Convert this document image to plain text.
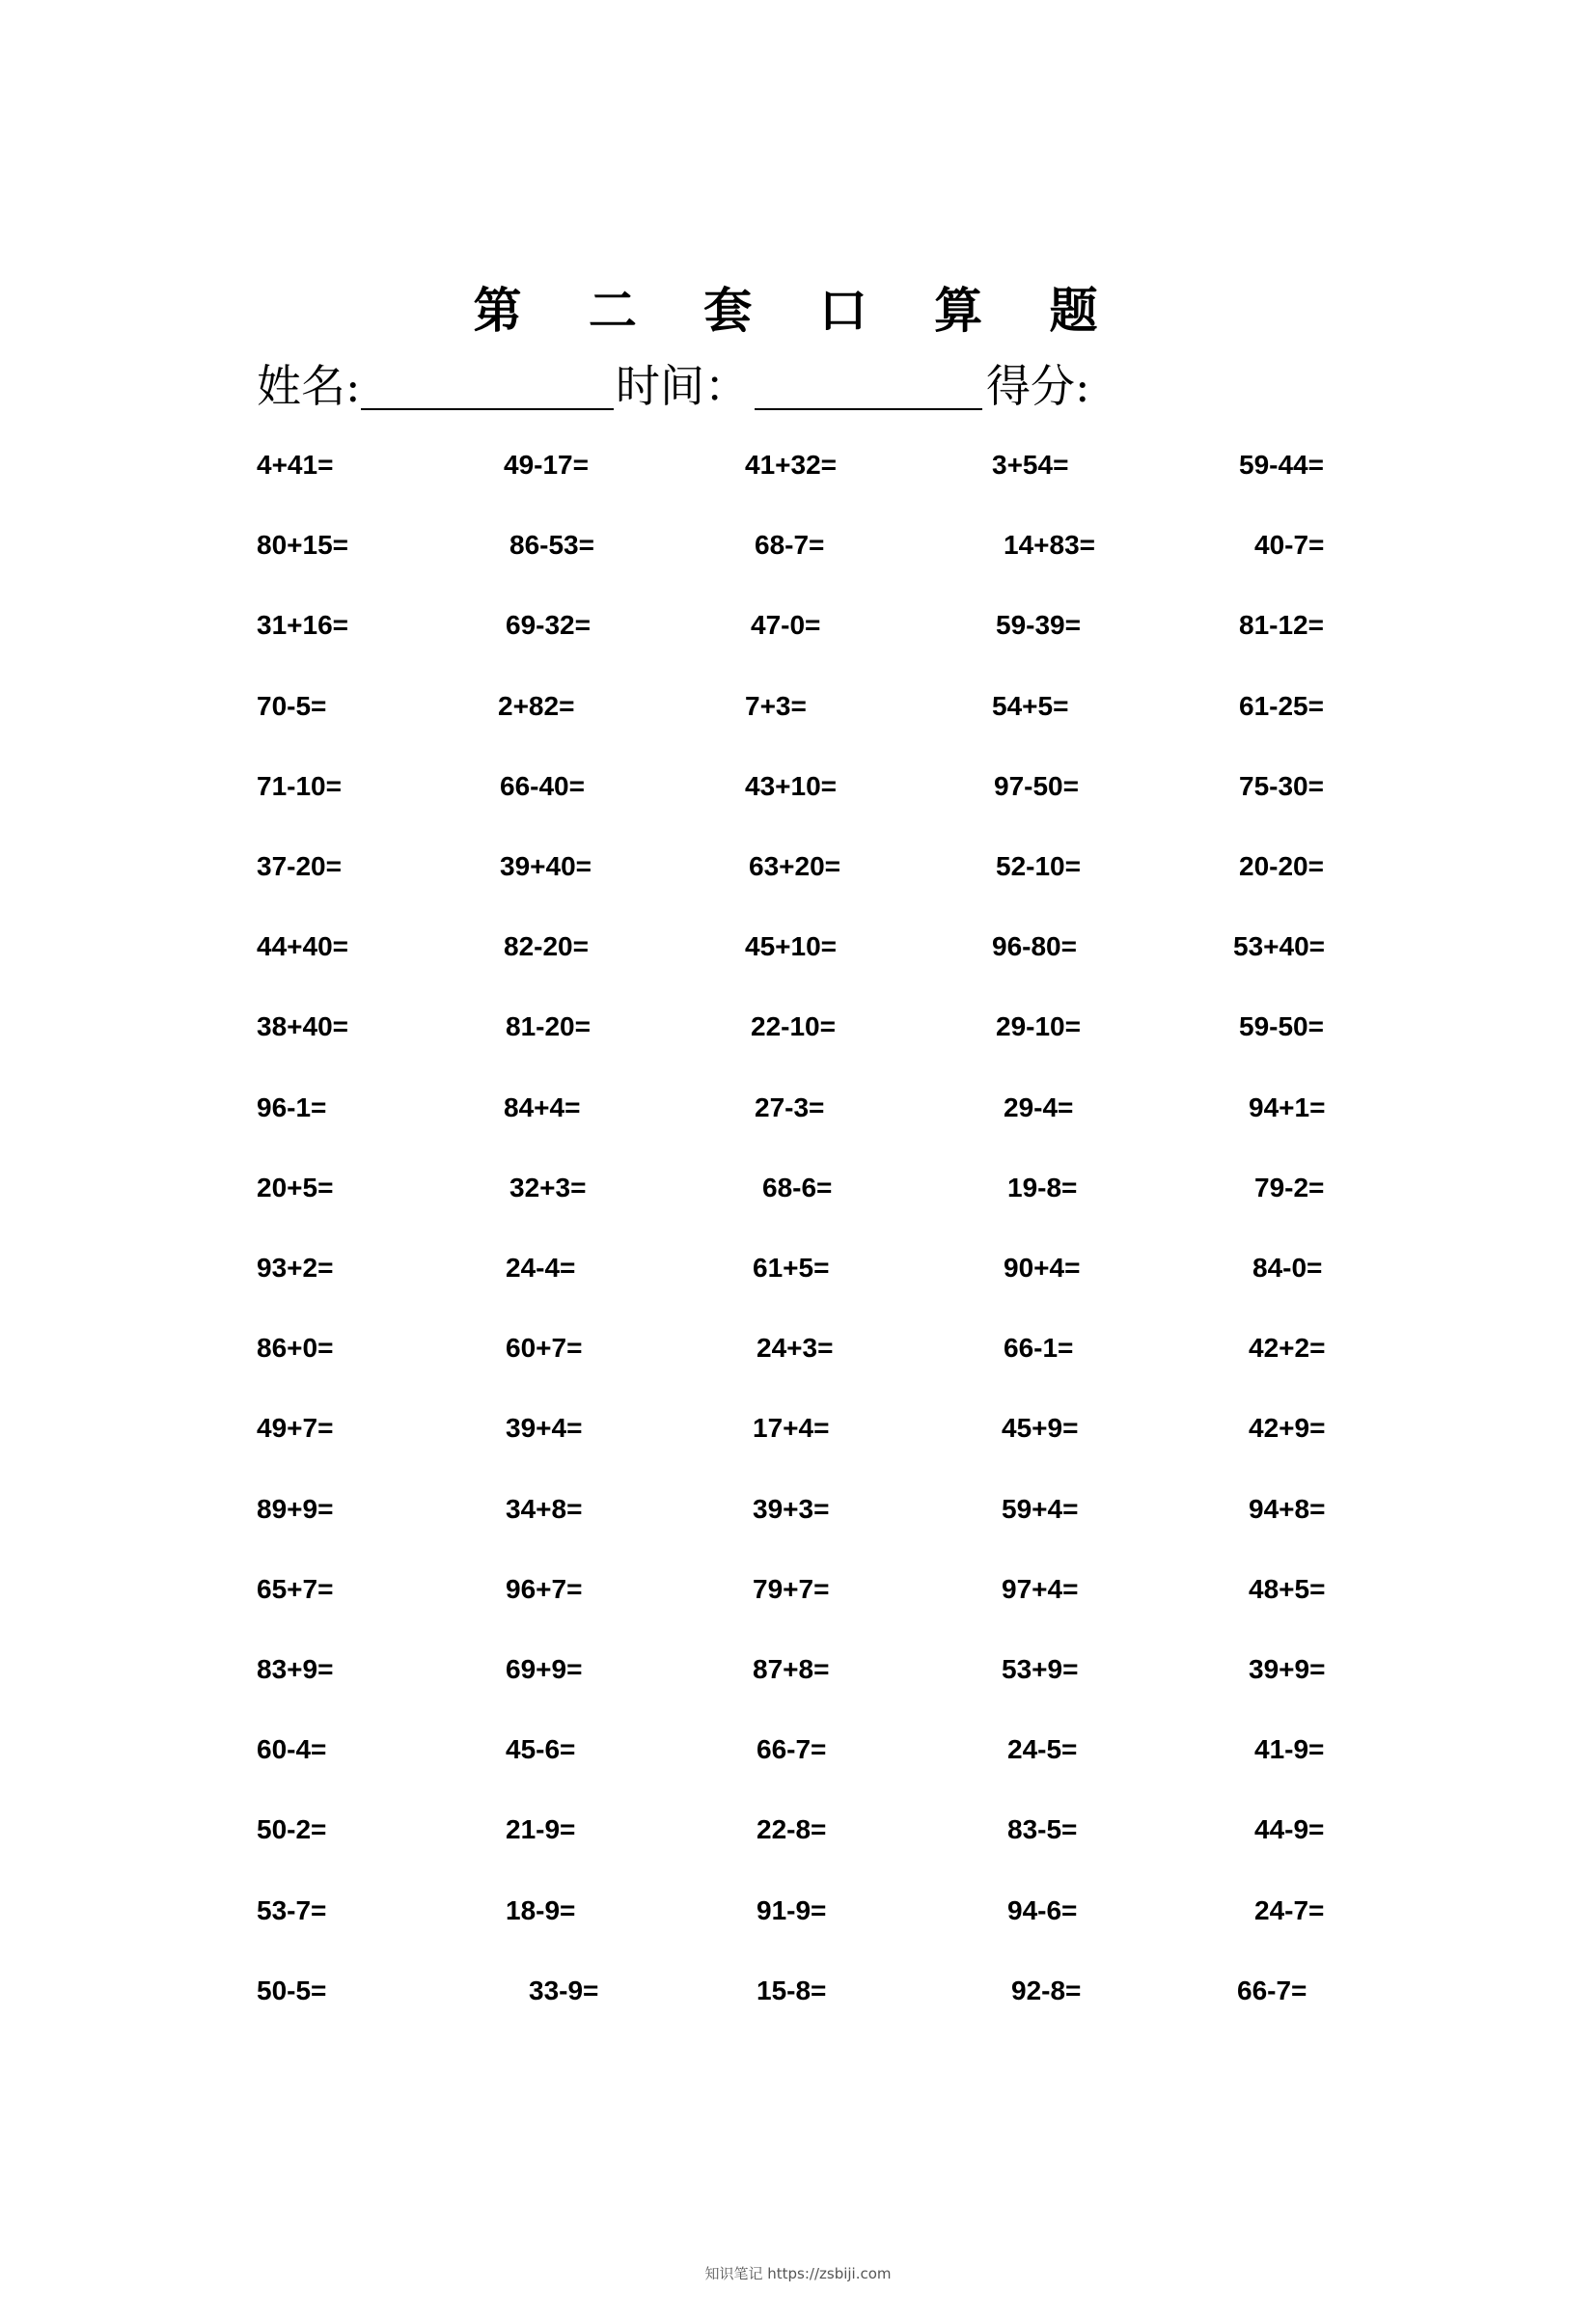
第 二 套 口 算 题
姓名:	时间：	得分:
4+41=	49-17=	41+32=	3+54=	59-44=
80+15=	86-53=	68-7=	14+83=	40-7=
31+16=	69-32=	47-0=	59-39=	81-12=
70-5=	2+82=	7+3=	54+5=	61-25=
71-10=	66-40=	43+10=	97-50=	75-30=
37-20=	39+40=	63+20=	52-10=	20-20=
44+40=	82-20=	45+10=	96-80=	53+40=
38+40=	81-20=	22-10=	29-10=	59-50=
96-1=	84+4=	27-3=	29-4=	94+1=
20+5=	32+3=	68-6=	19-8=	79-2=
93+2=	24-4=	61+5=	90+4=	84-0=
86+0=	60+7=	24+3=	66-1=	42+2=
49+7=	39+4=	17+4=	45+9=	42+9=
89+9=	34+8=	39+3=	59+4=	94+8=
65+7=	96+7=	79+7=	97+4=	48+5=
83+9=	69+9=	87+8=	53+9=	39+9=
60-4=	45-6=	66-7=	24-5=	41-9=
50-2=	21-9=	22-8=	83-5=	44-9=
53-7=	18-9=	91-9=	94-6=	24-7=
50-5=	33-9=	15-8=	92-8=	66-7=
知识笔记 https://zsbiji.com
